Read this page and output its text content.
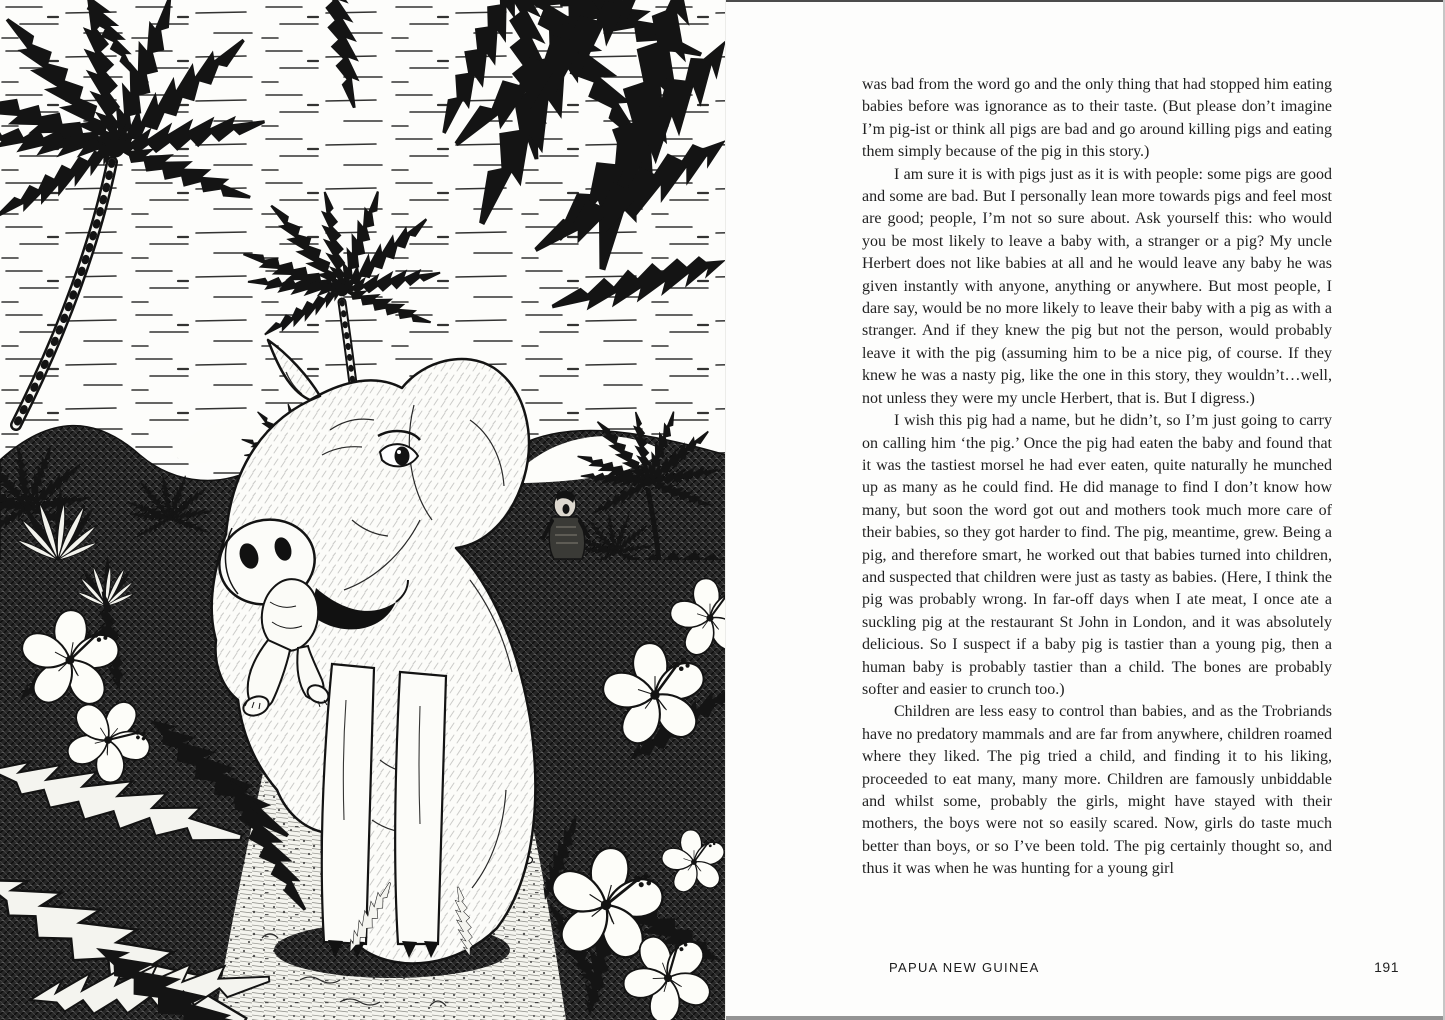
was bad from the word go and the only thing that had stopped him eating babies before was ignorance as to their taste. (But please don’t imagine I’m pig-ist or think all pigs are bad and go around killing pigs and eating them simply because of the pig in this story.)

I am sure it is with pigs just as it is with people: some pigs are good and some are bad. But I personally lean more towards pigs and feel most are good; people, I’m not so sure about. Ask yourself this: who would you be most likely to leave a baby with, a stranger or a pig? My uncle Herbert does not like babies at all and he would leave any baby he was given instantly with anyone, anything or anywhere. But most people, I dare say, would be no more likely to leave their baby with a pig as with a stranger. And if they knew the pig but not the person, would probably leave it with the pig (assuming him to be a nice pig, of course. If they knew he was a nasty pig, like the one in this story, they wouldn’t…well, not unless they were my uncle Herbert, that is. But I digress.)

I wish this pig had a name, but he didn’t, so I’m just going to carry on calling him ‘the pig.’ Once the pig had eaten the baby and found that it was the tastiest morsel he had ever eaten, quite naturally he munched up as many as he could find. He did manage to find I don’t know how many, but soon the word got out and mothers took much more care of their babies, so they got harder to find. The pig, meantime, grew. Being a pig, and therefore smart, he worked out that babies turned into children, and suspected that children were just as tasty as babies. (Here, I think the pig was probably wrong. In far-off days when I ate meat, I once ate a suckling pig at the restaurant St John in London, and it was absolutely delicious. So I suspect if a baby pig is tastier than a young pig, then a human baby is probably tastier than a child. The bones are probably softer and easier to crunch too.)

Children are less easy to control than babies, and as the Trobriands have no predatory mammals and are far from anywhere, children roamed where they liked. The pig tried a child, and finding it to his liking, proceeded to eat many, many more. Children are famously unbiddable and whilst some, probably the girls, might have stayed with their mothers, the boys were not so easily scared. Now, girls do taste much better than boys, or so I’ve been told. The pig certainly thought so, and thus it was when he was hunting for a young girl

PAPUA NEW GUINEA	191
